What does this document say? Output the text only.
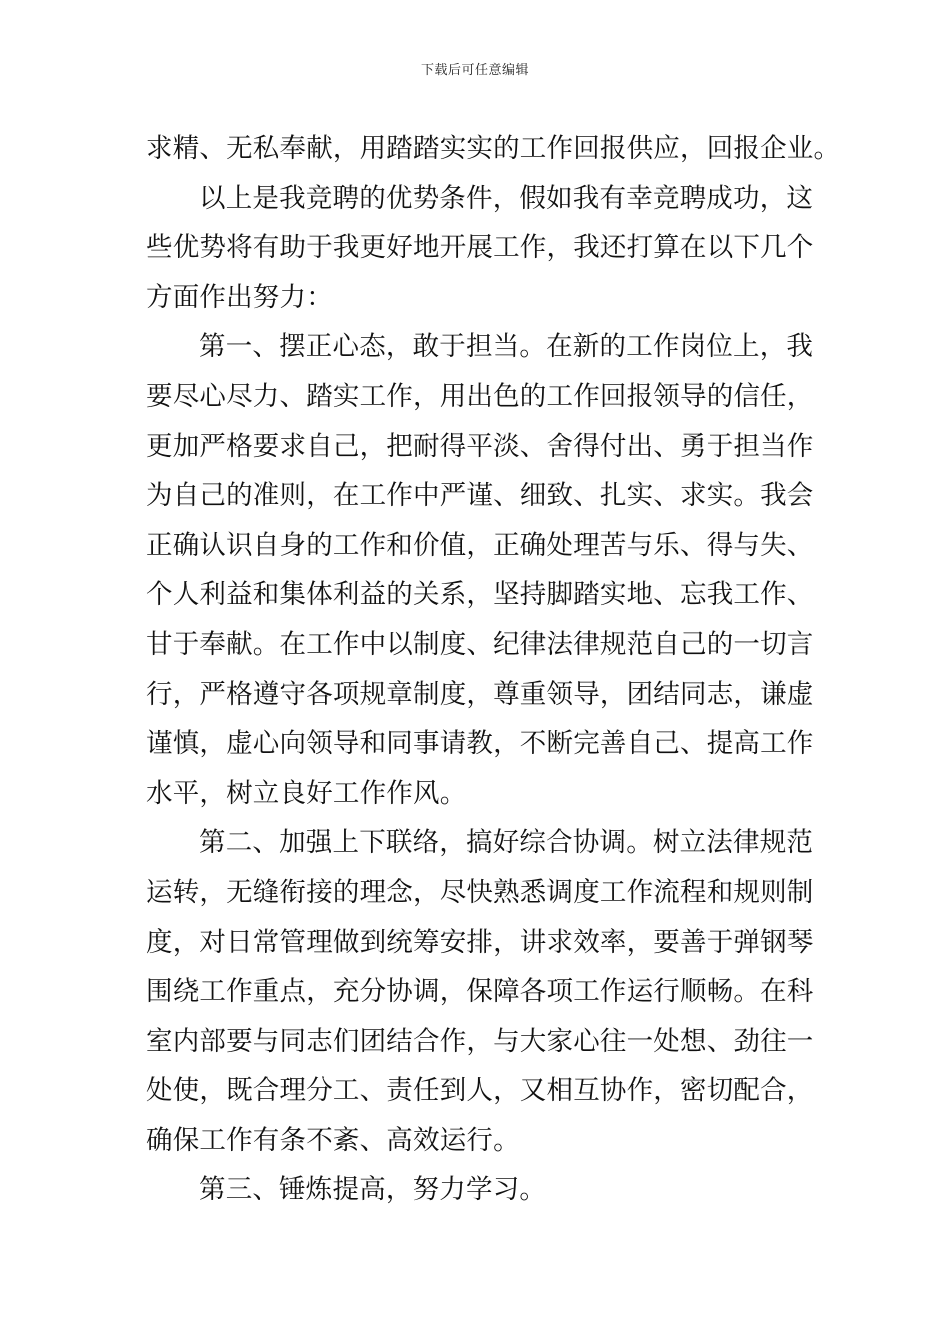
下载后可任意编辑
求精、无私奉献，用踏踏实实的工作回报供应，回报企业。
以上是我竞聘的优势条件，假如我有幸竞聘成功，这
些优势将有助于我更好地开展工作，我还打算在以下几个
方面作出努力：
第一、摆正心态，敢于担当。在新的工作岗位上，我
要尽心尽力、踏实工作，用出色的工作回报领导的信任，
更加严格要求自己，把耐得平淡、舍得付出、勇于担当作
为自己的准则，在工作中严谨、细致、扎实、求实。我会
正确认识自身的工作和价值，正确处理苦与乐、得与失、
个人利益和集体利益的关系，坚持脚踏实地、忘我工作、
甘于奉献。在工作中以制度、纪律法律规范自己的一切言
行，严格遵守各项规章制度，尊重领导，团结同志，谦虚
谨慎，虚心向领导和同事请教，不断完善自己、提高工作
水平，树立良好工作作风。
第二、加强上下联络，搞好综合协调。树立法律规范
运转，无缝衔接的理念，尽快熟悉调度工作流程和规则制
度，对日常管理做到统筹安排，讲求效率，要善于弹钢琴
围绕工作重点，充分协调，保障各项工作运行顺畅。在科
室内部要与同志们团结合作，与大家心往一处想、劲往一
处使，既合理分工、责任到人，又相互协作，密切配合，
确保工作有条不紊、高效运行。
第三、锤炼提高，努力学习。
